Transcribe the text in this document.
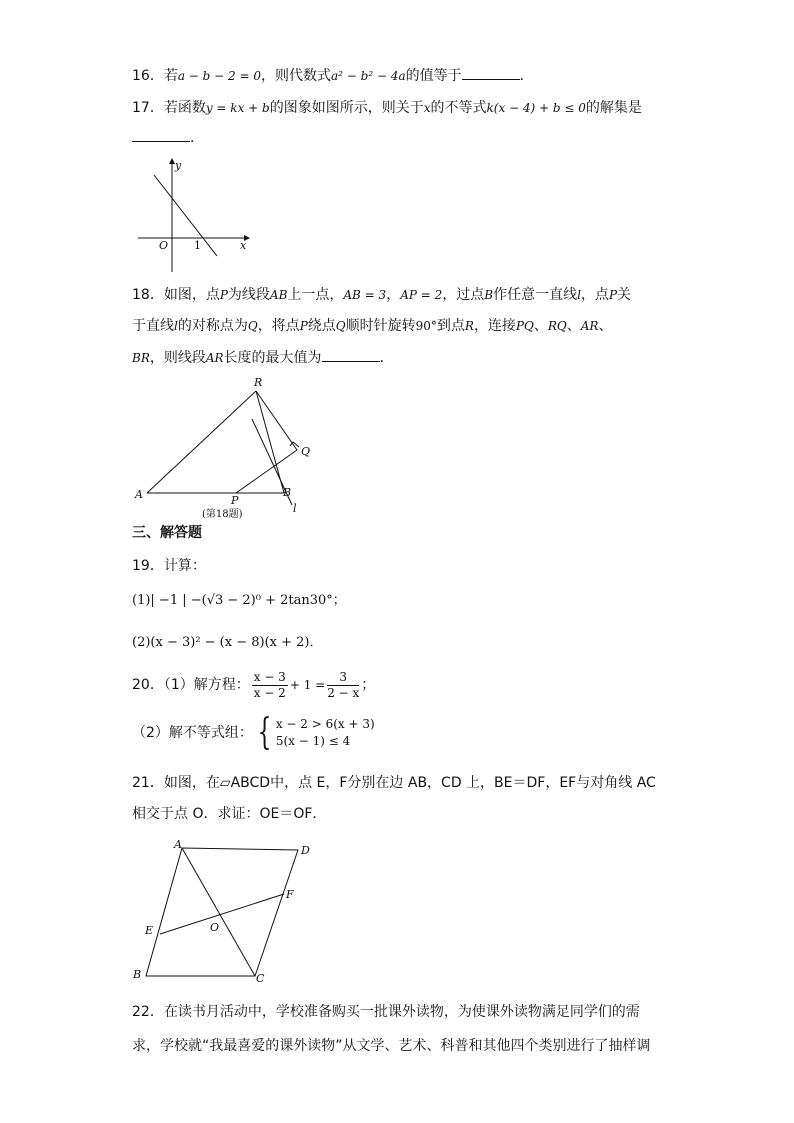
16．若a − b − 2 = 0，则代数式a² − b² − 4a的值等于	．
17．若函数y = kx + b的图象如图所示，则关于x的不等式k(x − 4) + b ≤ 0的解集是
．
y
x
O 1
18．如图，点P为线段AB上一点，AB = 3，AP = 2，过点B作任意一直线l，点P关
于直线l的对称点为Q，将点P绕点Q顺时针旋转90°到点R，连接PQ、RQ、AR、
BR，则线段AR长度的最大值为	．
R
Q
A	P
B
l
(第18题)
三、解答题
19．计算：
(1)| −1 | −(√3 − 2)⁰ + 2tan30°；
(2)(x − 3)² − (x − 8)(x + 2)．
20．（1）解方程： $\frac{x - 3}{x - 2} + 1 = \frac{3}{2 - x}$ ；
（2）解不等式组： { x − 2 > 6(x + 3)
5(x − 1) ≤ 4
21．如图，在▱ABCD中，点 E，F分别在边 AB，CD 上，BE＝DF，EF与对角线 AC
相交于点 O．求证：OE＝OF．
A	D
F
E	O
B	C
22．在读书月活动中，学校准备购买一批课外读物，为使课外读物满足同学们的需
求，学校就“我最喜爱的课外读物”从文学、艺术、科普和其他四个类别进行了抽样调
